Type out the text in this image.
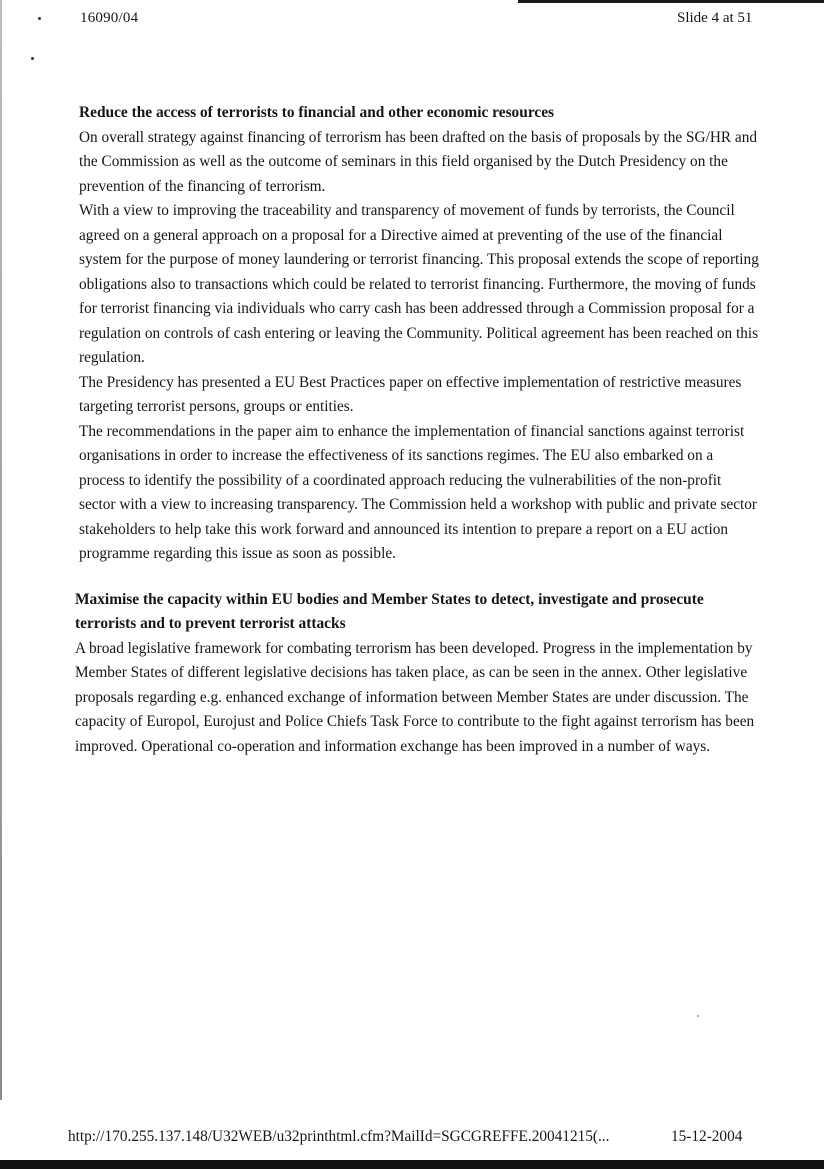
16090/04	Slide 4 at 51
Reduce the access of terrorists to financial and other economic resources

On overall strategy against financing of terrorism has been drafted on the basis of proposals by the SG/HR and the Commission as well as the outcome of seminars in this field organised by the Dutch Presidency on the prevention of the financing of terrorism.

With a view to improving the traceability and transparency of movement of funds by terrorists, the Council agreed on a general approach on a proposal for a Directive aimed at preventing of the use of the financial system for the purpose of money laundering or terrorist financing. This proposal extends the scope of reporting obligations also to transactions which could be related to terrorist financing. Furthermore, the moving of funds for terrorist financing via individuals who carry cash has been addressed through a Commission proposal for a regulation on controls of cash entering or leaving the Community. Political agreement has been reached on this regulation.

The Presidency has presented a EU Best Practices paper on effective implementation of restrictive measures targeting terrorist persons, groups or entities.

The recommendations in the paper aim to enhance the implementation of financial sanctions against terrorist organisations in order to increase the effectiveness of its sanctions regimes. The EU also embarked on a process to identify the possibility of a coordinated approach reducing the vulnerabilities of the non-profit sector with a view to increasing transparency. The Commission held a workshop with public and private sector stakeholders to help take this work forward and announced its intention to prepare a report on a EU action programme regarding this issue as soon as possible.

Maximise the capacity within EU bodies and Member States to detect, investigate and prosecute terrorists and to prevent terrorist attacks

A broad legislative framework for combating terrorism has been developed. Progress in the implementation by Member States of different legislative decisions has taken place, as can be seen in the annex. Other legislative proposals regarding e.g. enhanced exchange of information between Member States are under discussion. The capacity of Europol, Eurojust and Police Chiefs Task Force to contribute to the fight against terrorism has been improved. Operational co-operation and information exchange has been improved in a number of ways.

http://170.255.137.148/U32WEB/u32printhtml.cfm?MailId=SGCGREFFE.20041215(...	15-12-2004
